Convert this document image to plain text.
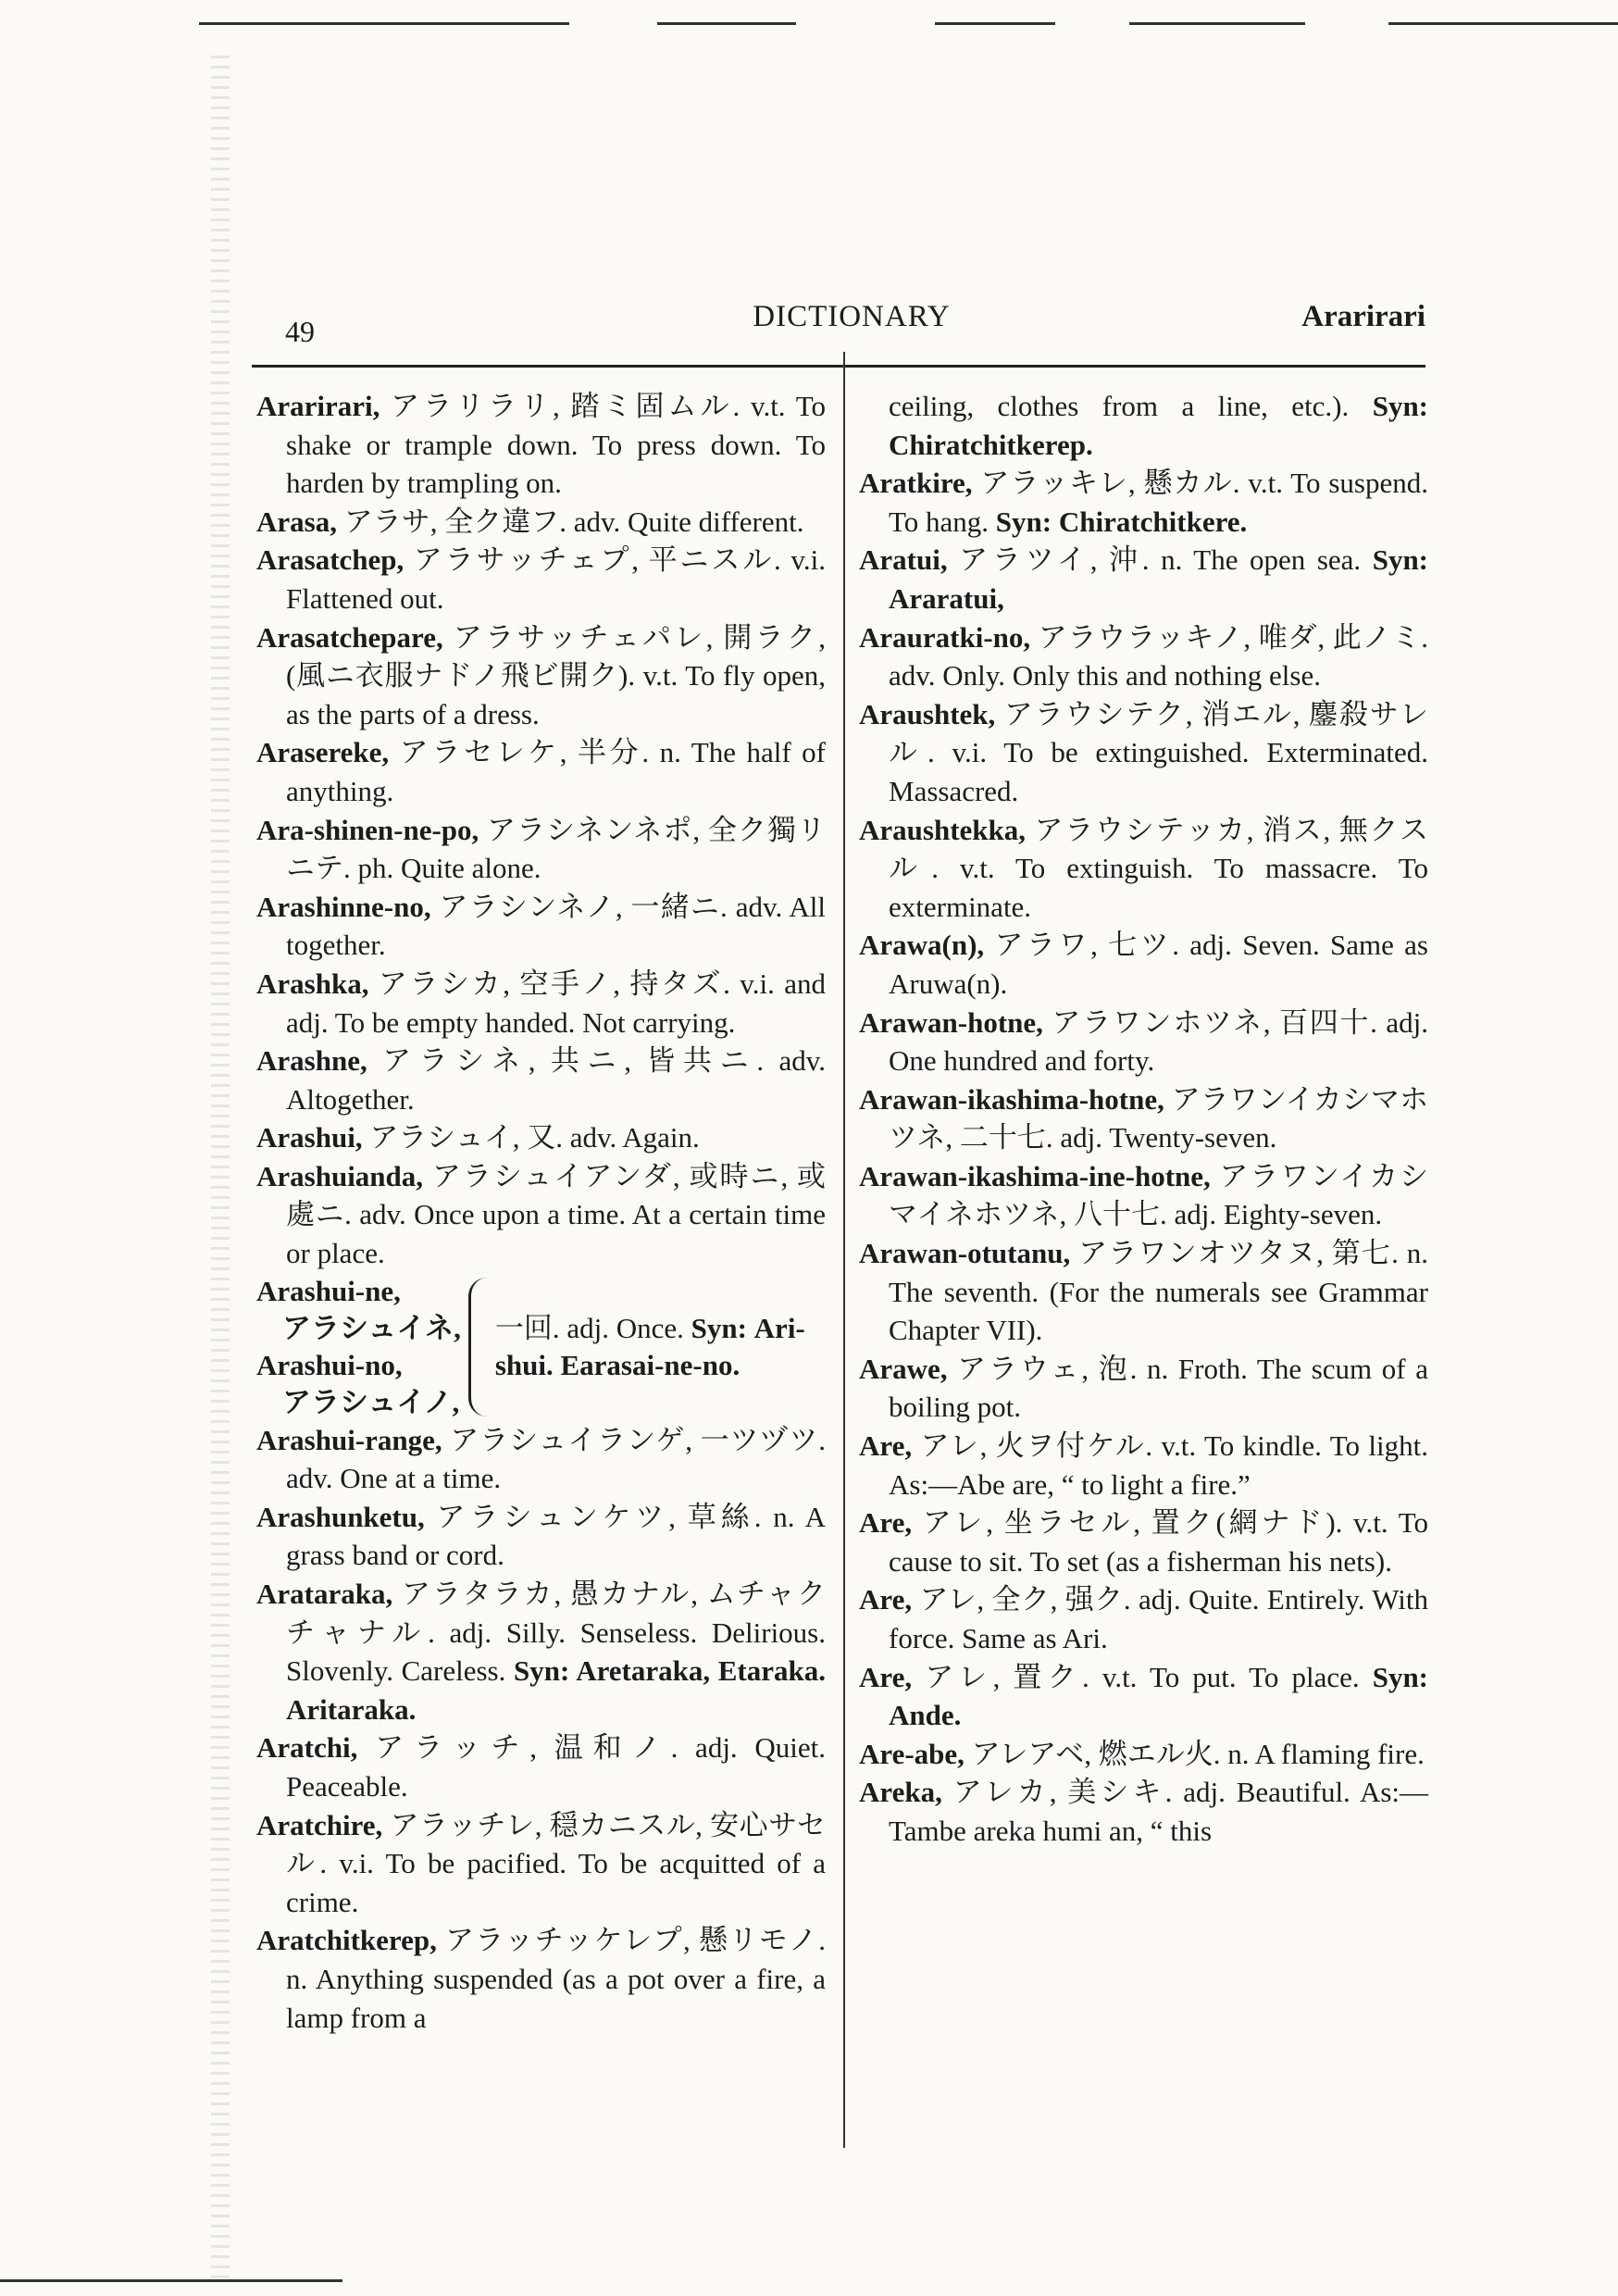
49	DICTIONARY	Ararirari
Ararirari, アラリラリ, 踏ミ固ムル. v.t. To shake or trample down. To press down. To harden by trampling on.
Arasa, アラサ, 全ク違フ. adv. Quite different.
Arasatchep, アラサッチェプ, 平ニスル. v.i. Flattened out.
Arasatchepare, アラサッチェパレ, 開ラク, (風ニ衣服ナドノ飛ビ開ク). v.t. To fly open, as the parts of a dress.
Arasereke, アラセレケ, 半分. n. The half of anything.
Ara-shinen-ne-po, アラシネンネポ, 全ク獨リニテ. ph. Quite alone.
Arashinne-no, アラシンネノ, 一緒ニ. adv. All together.
Arashka, アラシカ, 空手ノ, 持タズ. v.i. and adj. To be empty handed. Not carrying.
Arashne, アラシネ, 共ニ, 皆共ニ. adv. Altogether.
Arashui, アラシュイ, 又. adv. Again.
Arashuianda, アラシュイアンダ, 或時ニ, 或處ニ. adv. Once upon a time. At a certain time or place.
Arashui-ne,
アラシュイネ,
Arashui-no,
アラシュイノ,
一回. adj. Once. Syn: Ari-shui. Earasai-ne-no.
Arashui-range, アラシュイランゲ, 一ツヅツ. adv. One at a time.
Arashunketu, アラシュンケツ, 草絲. n. A grass band or cord.
Arataraka, アラタラカ, 愚カナル, ムチャクチャナル. adj. Silly. Senseless. Delirious. Slovenly. Careless. Syn: Aretaraka, Etaraka. Aritaraka.
Aratchi, アラッチ, 温和ノ. adj. Quiet. Peaceable.
Aratchire, アラッチレ, 穏カニスル, 安心サセル. v.i. To be pacified. To be acquitted of a crime.
Aratchitkerep, アラッチッケレプ, 懸リモノ. n. Anything suspended (as a pot over a fire, a lamp from a
ceiling, clothes from a line, etc.). Syn: Chiratchitkerep.
Aratkire, アラッキレ, 懸カル. v.t. To suspend. To hang. Syn: Chiratchitkere.
Aratui, アラツイ, 沖. n. The open sea. Syn: Araratui,
Arauratki-no, アラウラッキノ, 唯ダ, 此ノミ. adv. Only. Only this and nothing else.
Araushtek, アラウシテク, 消エル, 鏖殺サレル. v.i. To be extinguished. Exterminated. Massacred.
Araushtekka, アラウシテッカ, 消ス, 無クスル. v.t. To extinguish. To massacre. To exterminate.
Arawa(n), アラワ, 七ツ. adj. Seven. Same as Aruwa(n).
Arawan-hotne, アラワンホツネ, 百四十. adj. One hundred and forty.
Arawan-ikashima-hotne, アラワンイカシマホツネ, 二十七. adj. Twenty-seven.
Arawan-ikashima-ine-hotne, アラワンイカシマイネホツネ, 八十七. adj. Eighty-seven.
Arawan-otutanu, アラワンオツタヌ, 第七. n. The seventh. (For the numerals see Grammar Chapter VII).
Arawe, アラウェ, 泡. n. Froth. The scum of a boiling pot.
Are, アレ, 火ヲ付ケル. v.t. To kindle. To light. As:—Abe are, “ to light a fire.”
Are, アレ, 坐ラセル, 置ク(網ナド). v.t. To cause to sit. To set (as a fisherman his nets).
Are, アレ, 全ク, 强ク. adj. Quite. Entirely. With force. Same as Ari.
Are, アレ, 置ク. v.t. To put. To place. Syn: Ande.
Are-abe, アレアベ, 燃エル火. n. A flaming fire.
Areka, アレカ, 美シキ. adj. Beautiful. As:—Tambe areka humi an, “ this
